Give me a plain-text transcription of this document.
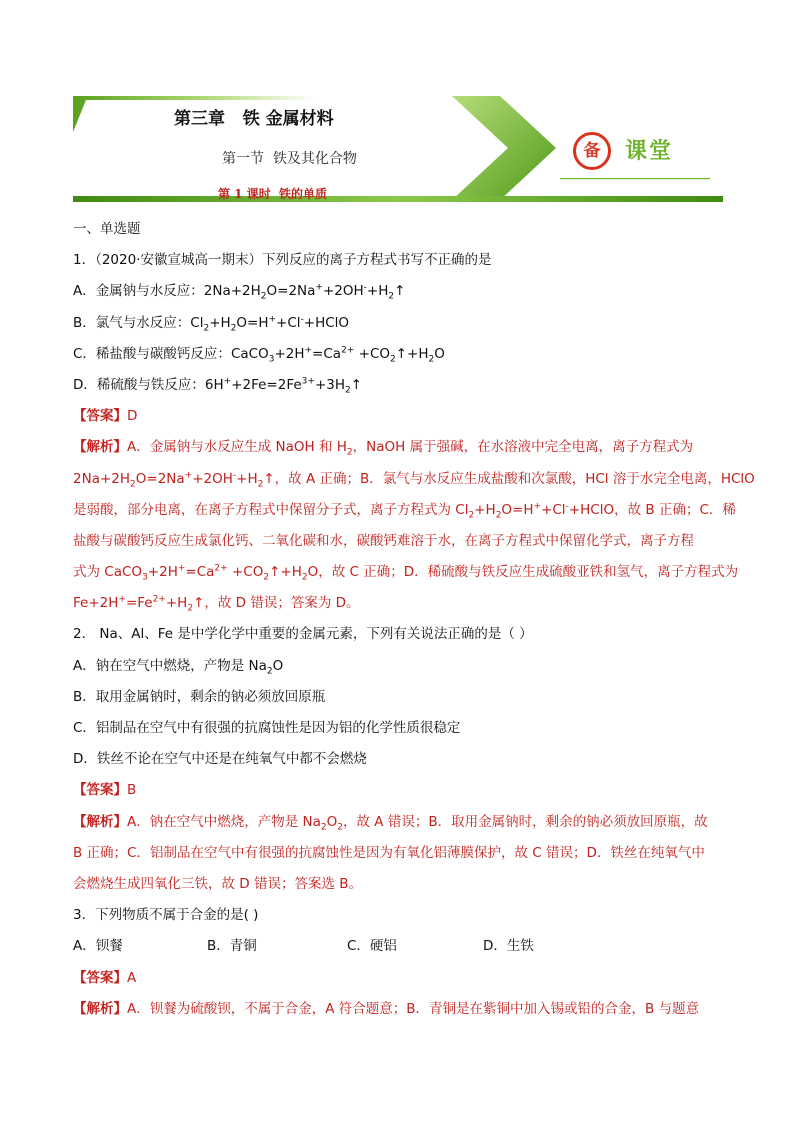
第三章   铁 金属材料
第一节  铁及其化合物
第 1 课时  铁的单质
备	课堂
一、单选题
1．（2020·安徽宣城高一期末）下列反应的离子方程式书写不正确的是
A．金属钠与水反应：$2Na+2H_2O=2Na^++2OH^-+H_2↑$
B．氯气与水反应：$Cl_2+H_2O=H^++Cl^-+HClO$
C．稀盐酸与碳酸钙反应：$CaCO_3+2H^+=Ca^{2+}$ $+CO_2↑+H_2O$
D．稀硫酸与铁反应：$6H^++2Fe=2Fe^{3+}+3H_2↑$
【答案】D
【解析】A．金属钠与水反应生成 NaOH 和 $H_2$，NaOH 属于强碱，在水溶液中完全电离，离子方程式为
$2Na+2H_2O=2Na^++2OH^-+H_2↑$，故 A 正确；B．氯气与水反应生成盐酸和次氯酸，HCl 溶于水完全电离，HClO
是弱酸，部分电离，在离子方程式中保留分子式，离子方程式为 $Cl_2+H_2O=H^++Cl^-+HClO$，故 B 正确；C．稀
盐酸与碳酸钙反应生成氯化钙、二氧化碳和水，碳酸钙难溶于水，在离子方程式中保留化学式，离子方程
式为 $CaCO_3+2H^+=Ca^{2+}$ $+CO_2↑+H_2O$，故 C 正确；D．稀硫酸与铁反应生成硫酸亚铁和氢气，离子方程式为
$Fe+2H^+=Fe^{2+}+H_2↑$，故 D 错误；答案为 D。
2． Na、Al、Fe 是中学化学中重要的金属元素，下列有关说法正确的是（ ）
A．钠在空气中燃烧，产物是 $Na_2O$
B．取用金属钠时，剩余的钠必须放回原瓶
C．铝制品在空气中有很强的抗腐蚀性是因为铝的化学性质很稳定
D．铁丝不论在空气中还是在纯氧气中都不会燃烧
【答案】B
【解析】A．钠在空气中燃烧，产物是 $Na_2O_2$，故 A 错误；B．取用金属钠时，剩余的钠必须放回原瓶，故
B 正确；C．铝制品在空气中有很强的抗腐蚀性是因为有氧化铝薄膜保护，故 C 错误；D．铁丝在纯氧气中
会燃烧生成四氧化三铁，故 D 错误；答案选 B。
3．下列物质不属于合金的是( )
A．钡餐	B．青铜	C．硬铝	D．生铁
【答案】A
【解析】A．钡餐为硫酸钡，不属于合金，A 符合题意；B．青铜是在紫铜中加入锡或铅的合金，B 与题意
